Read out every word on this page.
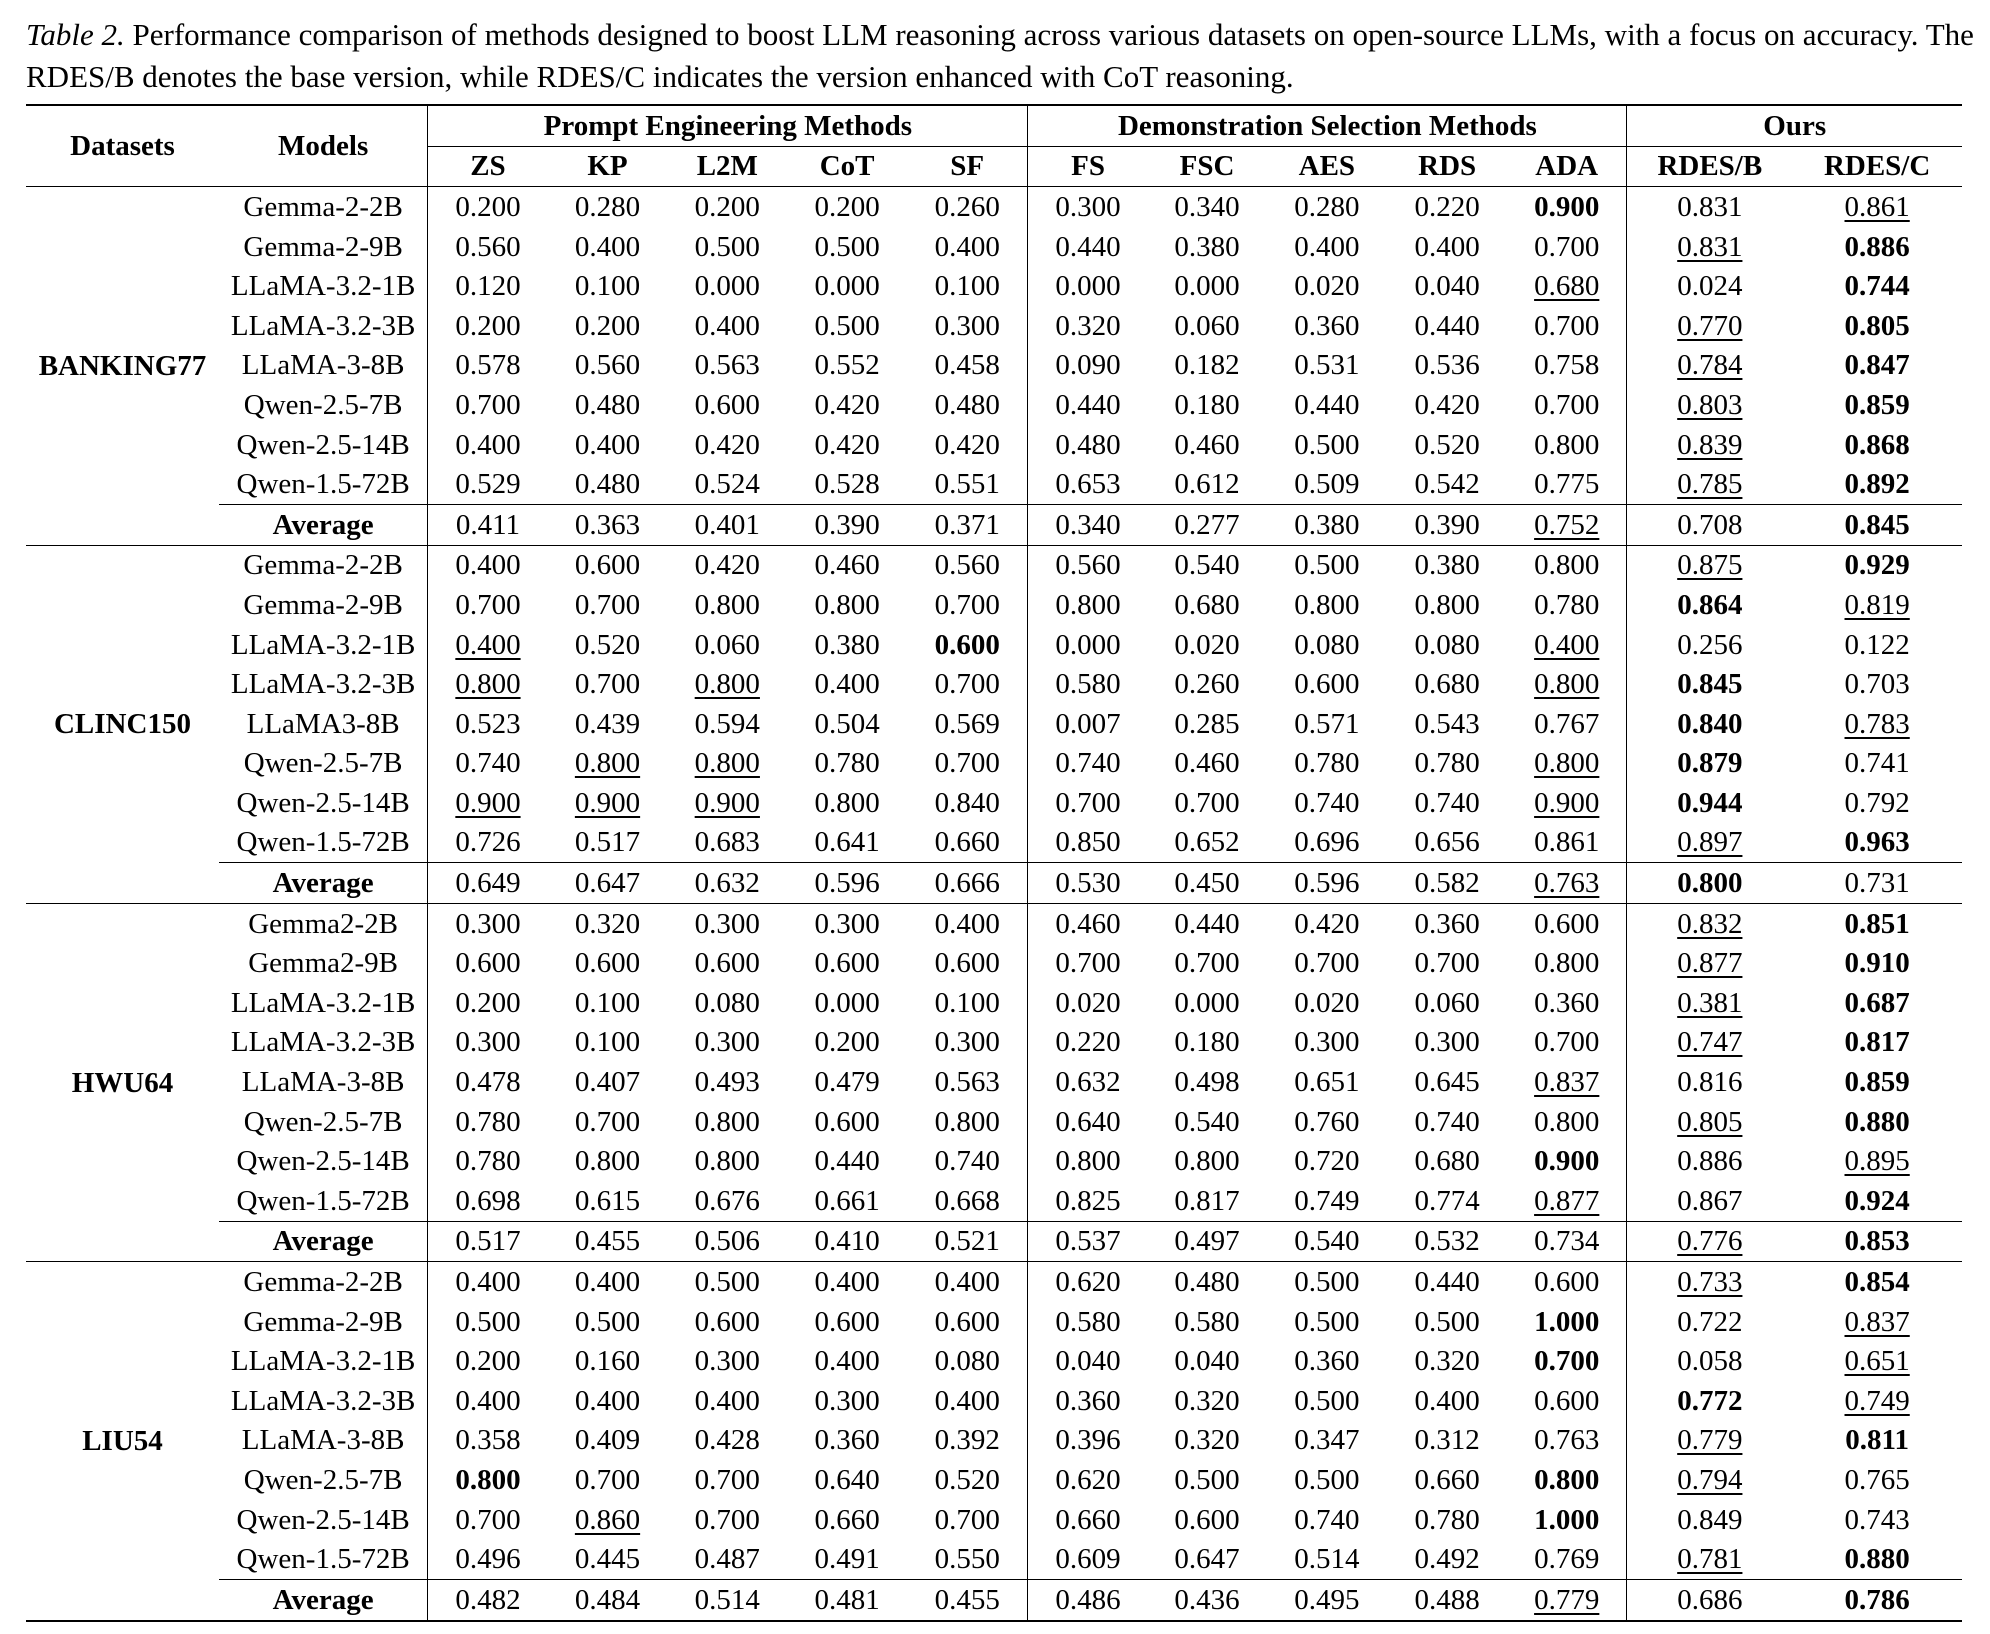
Table 2. Performance comparison of methods designed to boost LLM reasoning across various datasets on open-source LLMs, with a focus on accuracy. The RDES/B denotes the base version, while RDES/C indicates the version enhanced with CoT reasoning.
Datasets	Models	Prompt Engineering Methods					Demonstration Selection Methods					Ours	
		ZS	KP	L2M	CoT	SF	FS	FSC	AES	RDS	ADA	RDES/B	RDES/C
BANKING77	Gemma-2-2B	0.200	0.280	0.200	0.200	0.260	0.300	0.340	0.280	0.220	0.900	0.831	0.861
	Gemma-2-9B	0.560	0.400	0.500	0.500	0.400	0.440	0.380	0.400	0.400	0.700	0.831	0.886
	LLaMA-3.2-1B	0.120	0.100	0.000	0.000	0.100	0.000	0.000	0.020	0.040	0.680	0.024	0.744
	LLaMA-3.2-3B	0.200	0.200	0.400	0.500	0.300	0.320	0.060	0.360	0.440	0.700	0.770	0.805
	LLaMA-3-8B	0.578	0.560	0.563	0.552	0.458	0.090	0.182	0.531	0.536	0.758	0.784	0.847
	Qwen-2.5-7B	0.700	0.480	0.600	0.420	0.480	0.440	0.180	0.440	0.420	0.700	0.803	0.859
	Qwen-2.5-14B	0.400	0.400	0.420	0.420	0.420	0.480	0.460	0.500	0.520	0.800	0.839	0.868
	Qwen-1.5-72B	0.529	0.480	0.524	0.528	0.551	0.653	0.612	0.509	0.542	0.775	0.785	0.892
	Average	0.411	0.363	0.401	0.390	0.371	0.340	0.277	0.380	0.390	0.752	0.708	0.845
CLINC150	Gemma-2-2B	0.400	0.600	0.420	0.460	0.560	0.560	0.540	0.500	0.380	0.800	0.875	0.929
	Gemma-2-9B	0.700	0.700	0.800	0.800	0.700	0.800	0.680	0.800	0.800	0.780	0.864	0.819
	LLaMA-3.2-1B	0.400	0.520	0.060	0.380	0.600	0.000	0.020	0.080	0.080	0.400	0.256	0.122
	LLaMA-3.2-3B	0.800	0.700	0.800	0.400	0.700	0.580	0.260	0.600	0.680	0.800	0.845	0.703
	LLaMA3-8B	0.523	0.439	0.594	0.504	0.569	0.007	0.285	0.571	0.543	0.767	0.840	0.783
	Qwen-2.5-7B	0.740	0.800	0.800	0.780	0.700	0.740	0.460	0.780	0.780	0.800	0.879	0.741
	Qwen-2.5-14B	0.900	0.900	0.900	0.800	0.840	0.700	0.700	0.740	0.740	0.900	0.944	0.792
	Qwen-1.5-72B	0.726	0.517	0.683	0.641	0.660	0.850	0.652	0.696	0.656	0.861	0.897	0.963
	Average	0.649	0.647	0.632	0.596	0.666	0.530	0.450	0.596	0.582	0.763	0.800	0.731
HWU64	Gemma2-2B	0.300	0.320	0.300	0.300	0.400	0.460	0.440	0.420	0.360	0.600	0.832	0.851
	Gemma2-9B	0.600	0.600	0.600	0.600	0.600	0.700	0.700	0.700	0.700	0.800	0.877	0.910
	LLaMA-3.2-1B	0.200	0.100	0.080	0.000	0.100	0.020	0.000	0.020	0.060	0.360	0.381	0.687
	LLaMA-3.2-3B	0.300	0.100	0.300	0.200	0.300	0.220	0.180	0.300	0.300	0.700	0.747	0.817
	LLaMA-3-8B	0.478	0.407	0.493	0.479	0.563	0.632	0.498	0.651	0.645	0.837	0.816	0.859
	Qwen-2.5-7B	0.780	0.700	0.800	0.600	0.800	0.640	0.540	0.760	0.740	0.800	0.805	0.880
	Qwen-2.5-14B	0.780	0.800	0.800	0.440	0.740	0.800	0.800	0.720	0.680	0.900	0.886	0.895
	Qwen-1.5-72B	0.698	0.615	0.676	0.661	0.668	0.825	0.817	0.749	0.774	0.877	0.867	0.924
	Average	0.517	0.455	0.506	0.410	0.521	0.537	0.497	0.540	0.532	0.734	0.776	0.853
LIU54	Gemma-2-2B	0.400	0.400	0.500	0.400	0.400	0.620	0.480	0.500	0.440	0.600	0.733	0.854
	Gemma-2-9B	0.500	0.500	0.600	0.600	0.600	0.580	0.580	0.500	0.500	1.000	0.722	0.837
	LLaMA-3.2-1B	0.200	0.160	0.300	0.400	0.080	0.040	0.040	0.360	0.320	0.700	0.058	0.651
	LLaMA-3.2-3B	0.400	0.400	0.400	0.300	0.400	0.360	0.320	0.500	0.400	0.600	0.772	0.749
	LLaMA-3-8B	0.358	0.409	0.428	0.360	0.392	0.396	0.320	0.347	0.312	0.763	0.779	0.811
	Qwen-2.5-7B	0.800	0.700	0.700	0.640	0.520	0.620	0.500	0.500	0.660	0.800	0.794	0.765
	Qwen-2.5-14B	0.700	0.860	0.700	0.660	0.700	0.660	0.600	0.740	0.780	1.000	0.849	0.743
	Qwen-1.5-72B	0.496	0.445	0.487	0.491	0.550	0.609	0.647	0.514	0.492	0.769	0.781	0.880
	Average	0.482	0.484	0.514	0.481	0.455	0.486	0.436	0.495	0.488	0.779	0.686	0.786
